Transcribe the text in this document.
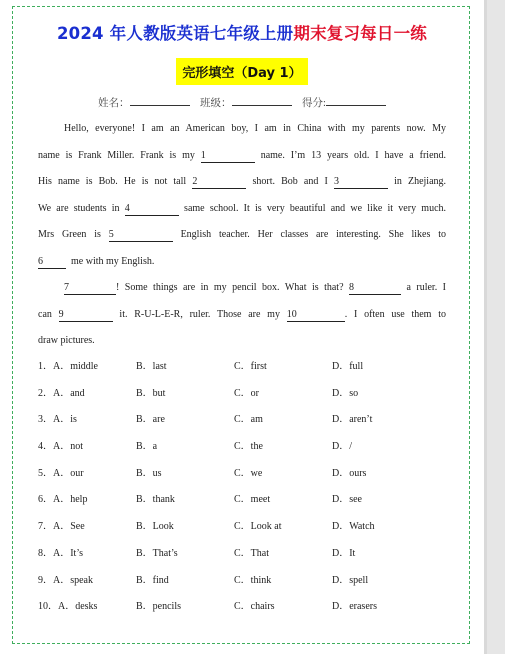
2024 年人教版英语七年级上册期末复习每日一练
完形填空（Day 1）
姓名：	班级：	得分:
Hello, everyone! I am an American boy, I am in China with my parents now. My
name is Frank Miller. Frank is my 1	name. I’m 13 years old. I have a friend.
His name is Bob. He is not tall 2	short. Bob and I 3	in Zhejiang.
We are students in 4	same school. It is very beautiful and we like it very much.
Mrs Green is 5	English teacher. Her classes are interesting. She likes to
6	me with my English.
7	! Some things are in my pencil box. What is that? 8	a ruler. I
can 9	it. R-U-L-E-R, ruler. Those are my 10	. I often use them to
draw pictures.
1．A．middle	B．last	C．first	D．full
2．A．and	B．but	C．or	D．so
3．A．is	B．are	C．am	D．aren’t
4．A．not	B．a	C．the	D．/
5．A．our	B．us	C．we	D．ours
6．A．help	B．thank	C．meet	D．see
7．A．See	B．Look	C．Look at	D．Watch
8．A．It’s	B．That’s	C．That	D．It
9．A．speak	B．find	C．think	D．spell
10．A．desks	B．pencils	C．chairs	D．erasers
